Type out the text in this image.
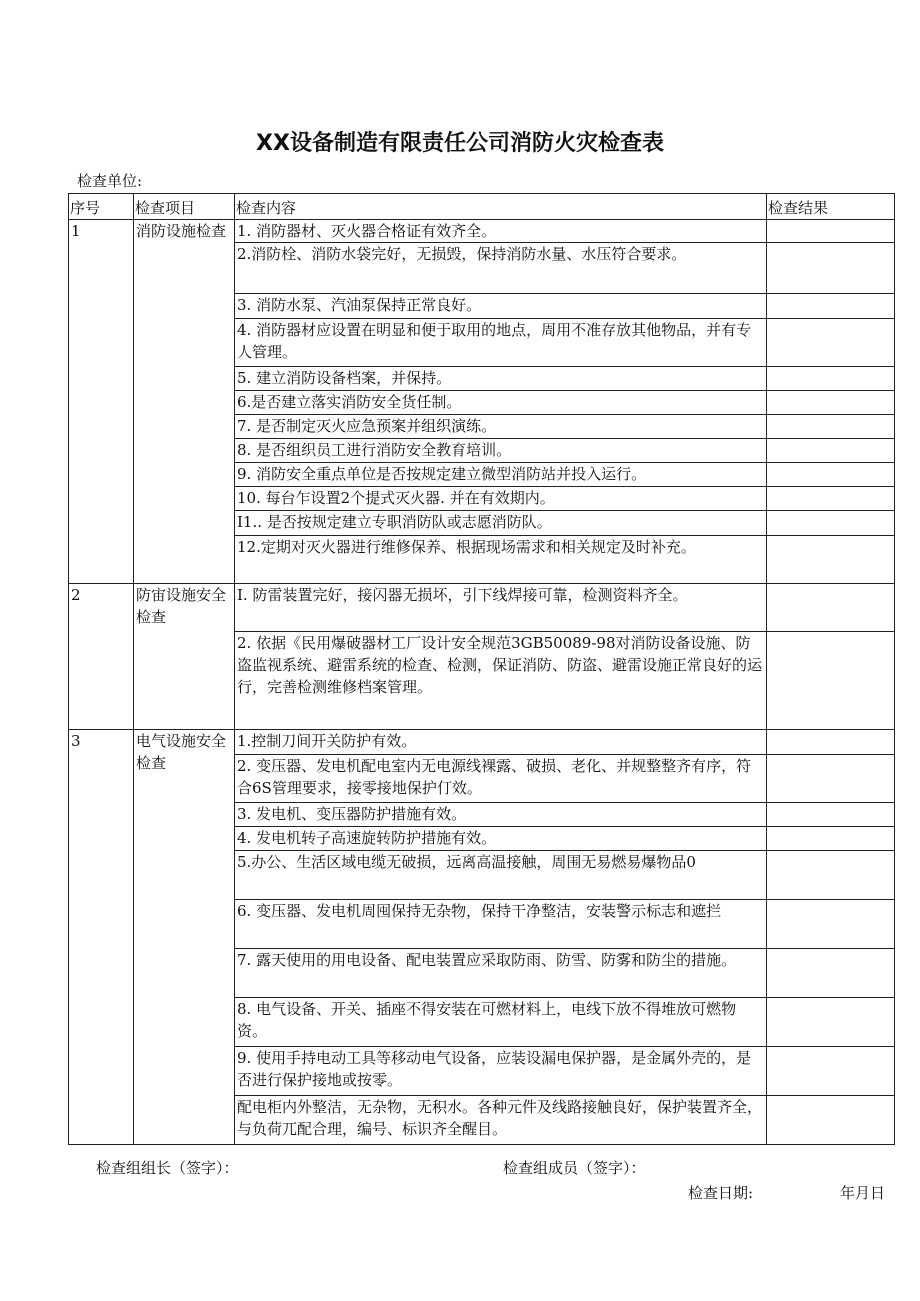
XX设备制造有限责任公司消防火灾检查表
检查单位:
序号	检查项目	检查内容	检查结果
1	消防设施检查	1. 消防器材、灭火器合格证有效齐全。	
		2.消防栓、消防水袋完好，无损毁，保持消防水量、水压符合要求。	
		3. 消防水泵、汽油泵保持正常良好。	
		4. 消防器材应设置在明显和便于取用的地点，周用不准存放其他物品，并有专人管理。	
		5. 建立消防设备档案，并保持。	
		6.是否建立落实消防安全货任制。	
		7. 是否制定灭火应急预案并组织演练。	
		8. 是否组织员工进行消防安全教育培训。	
		9. 消防安全重点单位是否按规定建立微型消防站并投入运行。	
		10. 每台乍设置2个提式灭火器. 并在有效期内。	
		I1.. 是否按规定建立专职消防队或志愿消防队。	
		12.定期对灭火器进行维修保养、根据现场需求和相关规定及时补充。	
2	防宙设施安全检查	I. 防雷装置完好，接闪器无损坏，引下线焊接可靠，检测资料齐全。	
		2. 依据《民用爆破器材工厂设计安全规范3GB50089-98对消防设备设施、防盗监视系统、避雷系统的检查、检测，保证消防、防盗、避雷设施正常良好的运行，完善检测维修档案管理。	
3	电气设施安全检查	1.控制刀间开关防护有效。	
		2. 变压器、发电机配电室内无电源线裸露、破损、老化、并规整整齐有序，符合6S管理要求，接零接地保护仃效。	
		3. 发电机、变压器防护措施有效。	
		4. 发电机转子高速旋转防护措施有效。	
		5.办公、生活区域电缆无破损，远离高温接触，周围无易燃易爆物品0	
		6. 变压器、发电机周囤保持无杂物，保持干净整洁，安装警示标志和遮拦	
		7. 露天使用的用电设备、配电装置应采取防雨、防雪、防雾和防尘的措施。	
		8. 电气设备、开关、插座不得安装在可燃材料上，电线下放不得堆放可燃物资。	
		9. 使用手持电动工具等移动电气设备，应装设漏电保护器，是金属外壳的，是否进行保护接地或按零。	
		配电柜内外整洁，无杂物，无积水。各种元件及线路接触良好，保护装置齐全，与负荷兀配合理，编号、标识齐全醒目。	
检查组组长（签字）：	检查组成员（签字）：
检查日期:	年月日
